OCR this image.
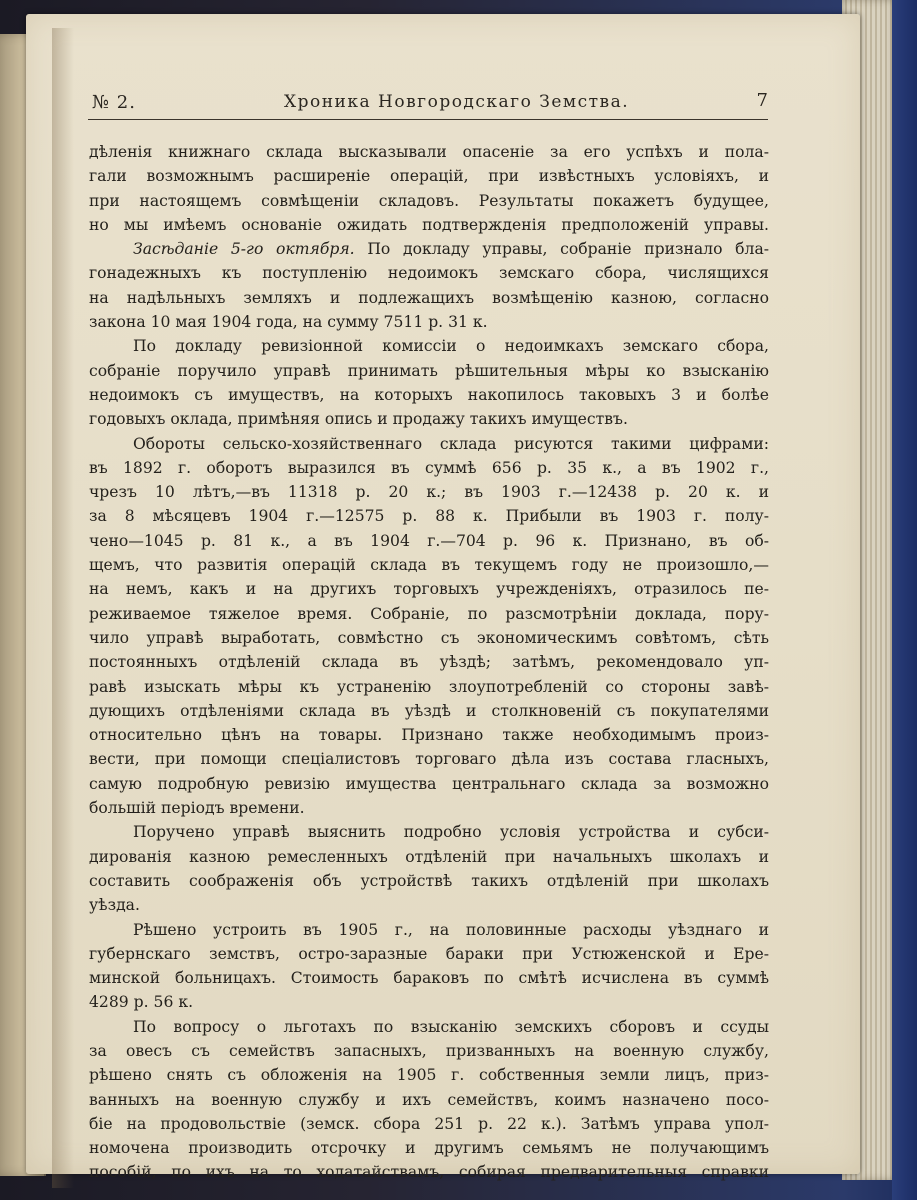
№ 2.	Хроника Новгородскаго Земства.	7
дѣленія книжнаго склада высказывали опасеніе за его успѣхъ и пола-
гали возможнымъ расширеніе операцій, при извѣстныхъ условіяхъ, и
при настоящемъ совмѣщеніи складовъ. Результаты покажетъ будущее,
но мы имѣемъ основаніе ожидать подтвержденія предположеній управы.
Засѣданіе 5-го октября. По докладу управы, собраніе признало бла-
гонадежныхъ къ поступленію недоимокъ земскаго сбора, числящихся
на надѣльныхъ земляхъ и подлежащихъ возмѣщенію казною, согласно
закона 10 мая 1904 года, на сумму 7511 р. 31 к.
По докладу ревизіонной комиссіи о недоимкахъ земскаго сбора,
собраніе поручило управѣ принимать рѣшительныя мѣры ко взысканію
недоимокъ съ имуществъ, на которыхъ накопилось таковыхъ 3 и болѣе
годовыхъ оклада, примѣняя опись и продажу такихъ имуществъ.
Обороты сельско-хозяйственнаго склада рисуются такими цифрами:
въ 1892 г. оборотъ выразился въ суммѣ 656 р. 35 к., а въ 1902 г.,
чрезъ 10 лѣтъ,—въ 11318 р. 20 к.; въ 1903 г.—12438 р. 20 к. и
за 8 мѣсяцевъ 1904 г.—12575 р. 88 к. Прибыли въ 1903 г. полу-
чено—1045 р. 81 к., а въ 1904 г.—704 р. 96 к. Признано, въ об-
щемъ, что развитія операцій склада въ текущемъ году не произошло,—
на немъ, какъ и на другихъ торговыхъ учрежденіяхъ, отразилось пе-
реживаемое тяжелое время. Собраніе, по разсмотрѣніи доклада, пору-
чило управѣ выработать, совмѣстно съ экономическимъ совѣтомъ, сѣть
постоянныхъ отдѣленій склада въ уѣздѣ; затѣмъ, рекомендовало уп-
равѣ изыскать мѣры къ устраненію злоупотребленій со стороны завѣ-
дующихъ отдѣленіями склада въ уѣздѣ и столкновеній съ покупателями
относительно цѣнъ на товары. Признано также необходимымъ произ-
вести, при помощи спеціалистовъ торговаго дѣла изъ состава гласныхъ,
самую подробную ревизію имущества центральнаго склада за возможно
большій періодъ времени.
Поручено управѣ выяснить подробно условія устройства и субси-
дированія казною ремесленныхъ отдѣленій при начальныхъ школахъ и
составить соображенія объ устройствѣ такихъ отдѣленій при школахъ
уѣзда.
Рѣшено устроить въ 1905 г., на половинные расходы уѣзднаго и
губернскаго земствъ, остро-заразные бараки при Устюженской и Ере-
минской больницахъ. Стоимость бараковъ по смѣтѣ исчислена въ суммѣ
4289 р. 56 к.
По вопросу о льготахъ по взысканію земскихъ сборовъ и ссуды
за овесъ съ семействъ запасныхъ, призванныхъ на военную службу,
рѣшено снять съ обложенія на 1905 г. собственныя земли лицъ, приз-
ванныхъ на военную службу и ихъ семействъ, коимъ назначено посо-
біе на продовольствіе (земск. сбора 251 р. 22 к.). Затѣмъ управа упол-
номочена производить отсрочку и другимъ семьямъ не получающимъ
пособій, по ихъ на то ходатайствамъ, собирая предварительныя справки
